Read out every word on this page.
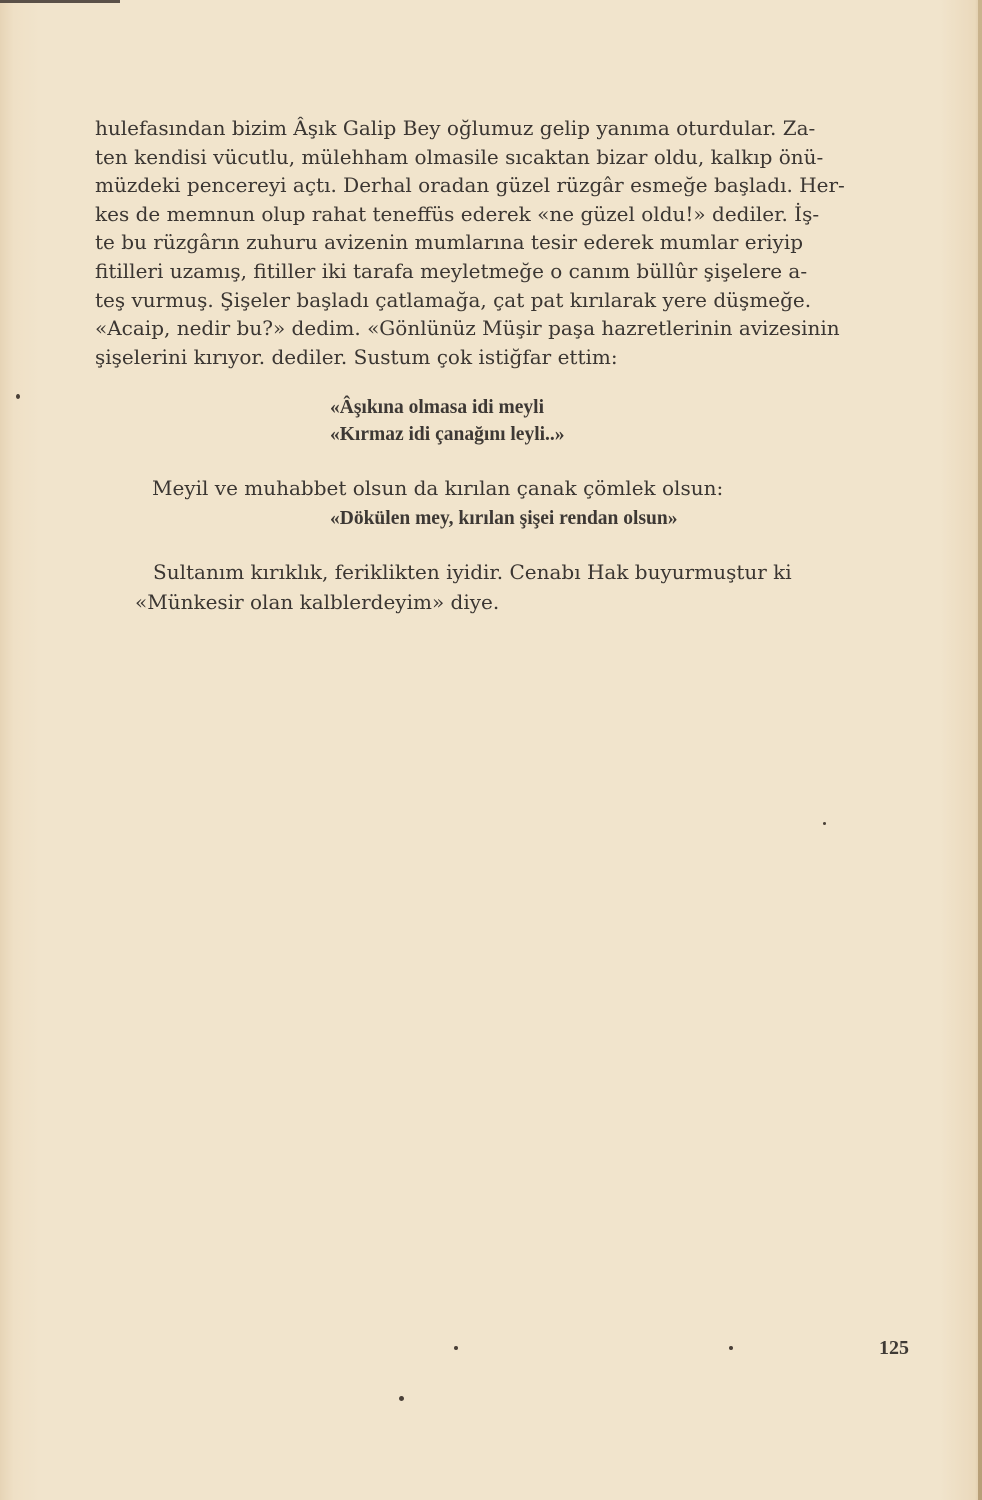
hulefasından bizim Âşık Galip Bey oğlumuz gelip yanıma oturdular. Za-
ten kendisi vücutlu, mülehham olmasile sıcaktan bizar oldu, kalkıp önü-
müzdeki pencereyi açtı. Derhal oradan güzel rüzgâr esmeğe başladı. Her-
kes de memnun olup rahat teneffüs ederek «ne güzel oldu!» dediler. İş-
te bu rüzgârın zuhuru avizenin mumlarına tesir ederek mumlar eriyip
fitilleri uzamış, fitiller iki tarafa meyletmeğe o canım büllûr şişelere a-
teş vurmuş. Şişeler başladı çatlamağa, çat pat kırılarak yere düşmeğe.
«Acaip, nedir bu?» dedim. «Gönlünüz Müşir paşa hazretlerinin avizesinin
şişelerini kırıyor. dediler. Sustum çok istiğfar ettim:
«Âşıkına olmasa idi meyli
«Kırmaz idi çanağını leyli..»
Meyil ve muhabbet olsun da kırılan çanak çömlek olsun:
«Dökülen mey, kırılan şişei rendan olsun»
Sultanım kırıklık, feriklikten iyidir. Cenabı Hak buyurmuştur ki
«Münkesir olan kalblerdeyim» diye.
125
